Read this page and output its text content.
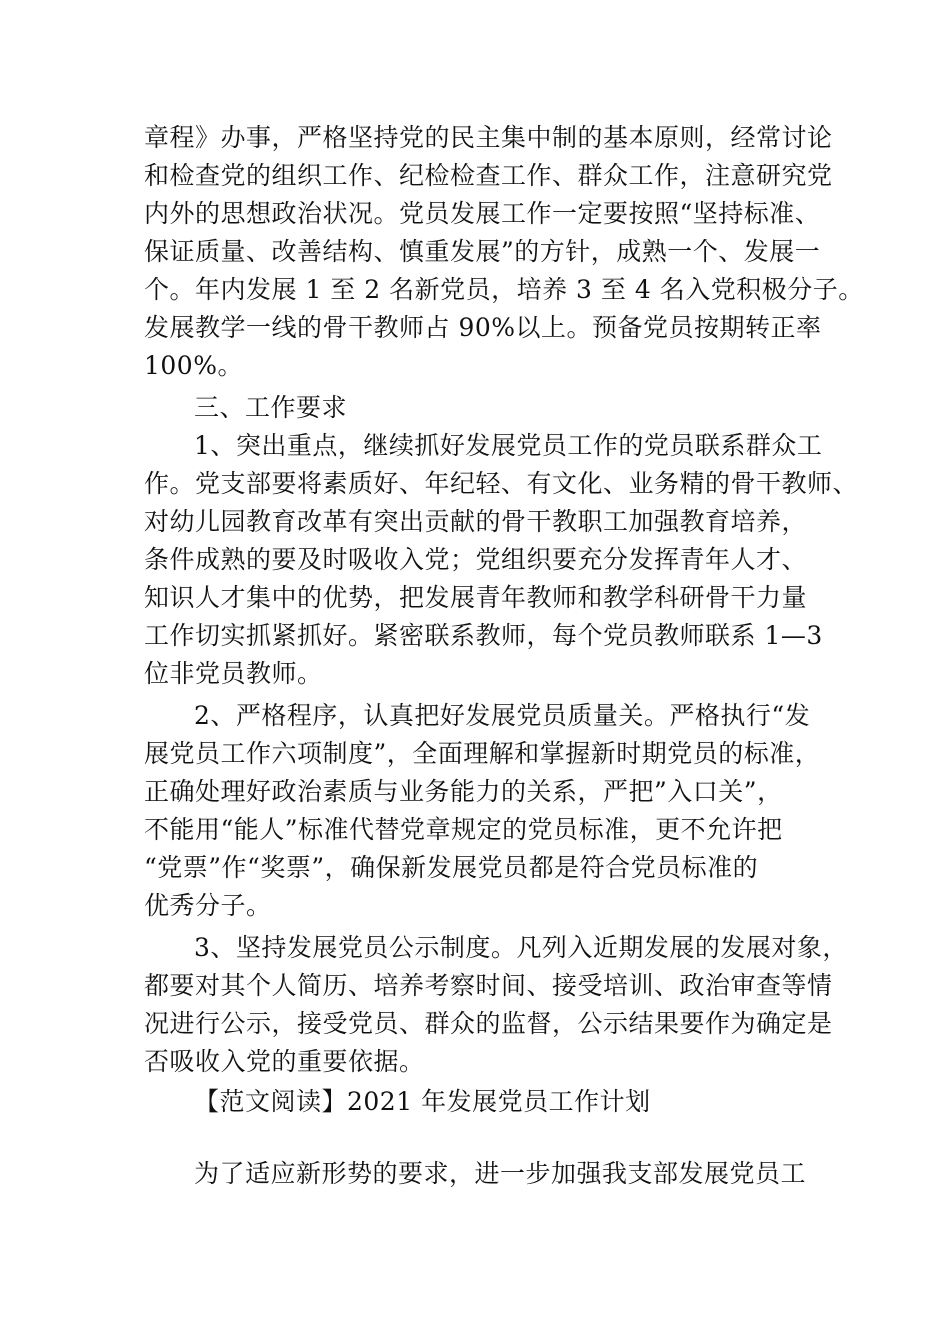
章程》办事，严格坚持党的民主集中制的基本原则，经常讨论
和检查党的组织工作、纪检检查工作、群众工作，注意研究党
内外的思想政治状况。党员发展工作一定要按照“坚持标准、
保证质量、改善结构、慎重发展”的方针，成熟一个、发展一
个。年内发展 1 至 2 名新党员，培养 3 至 4 名入党积极分子。
发展教学一线的骨干教师占 90%以上。预备党员按期转正率
100%。
三、工作要求
1、突出重点，继续抓好发展党员工作的党员联系群众工
作。党支部要将素质好、年纪轻、有文化、业务精的骨干教师、
对幼儿园教育改革有突出贡献的骨干教职工加强教育培养，
条件成熟的要及时吸收入党；党组织要充分发挥青年人才、
知识人才集中的优势，把发展青年教师和教学科研骨干力量
工作切实抓紧抓好。紧密联系教师，每个党员教师联系 1—3
位非党员教师。
2、严格程序，认真把好发展党员质量关。严格执行“发
展党员工作六项制度”，全面理解和掌握新时期党员的标准，
正确处理好政治素质与业务能力的关系，严把”入口关”，
不能用“能人”标准代替党章规定的党员标准，更不允许把
“党票”作“奖票”，确保新发展党员都是符合党员标准的
优秀分子。
3、坚持发展党员公示制度。凡列入近期发展的发展对象，
都要对其个人简历、培养考察时间、接受培训、政治审查等情
况进行公示，接受党员、群众的监督，公示结果要作为确定是
否吸收入党的重要依据。
【范文阅读】2021 年发展党员工作计划
为了适应新形势的要求，进一步加强我支部发展党员工
